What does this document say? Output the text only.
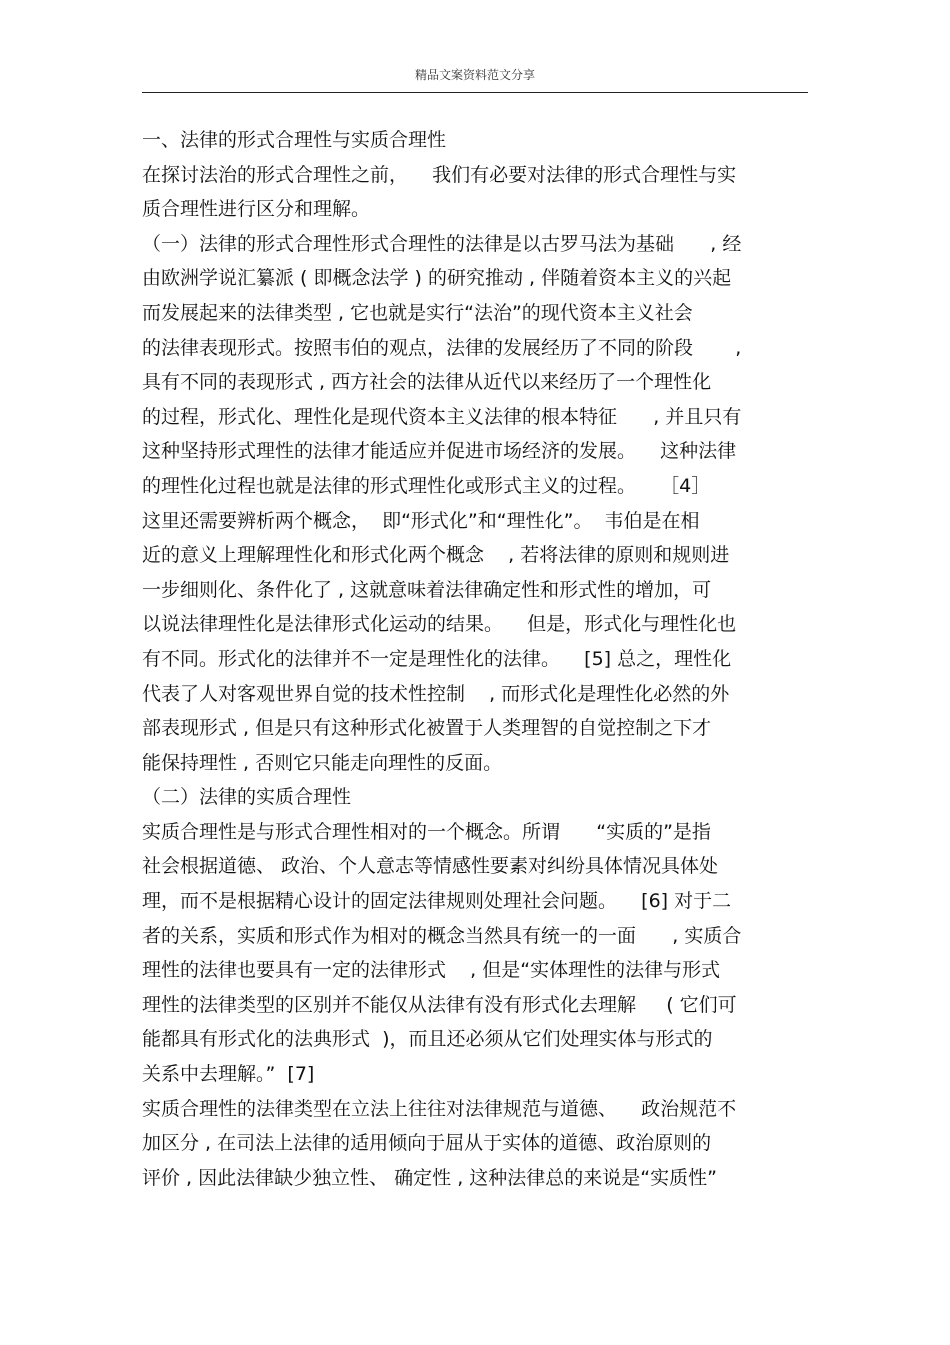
精品文案资料范文分享
一、法律的形式合理性与实质合理性
在探讨法治的形式合理性之前，    我们有必要对法律的形式合理性与实
质合理性进行区分和理解。
（一）法律的形式合理性形式合理性的法律是以古罗马法为基础      , 经
由欧洲学说汇纂派 ( 即概念法学 ) 的研究推动 , 伴随着资本主义的兴起
而发展起来的法律类型 , 它也就是实行“法治”的现代资本主义社会
的法律表现形式。按照韦伯的观点，法律的发展经历了不同的阶段       ,
具有不同的表现形式 , 西方社会的法律从近代以来经历了一个理性化
的过程，形式化、理性化是现代资本主义法律的根本特征      , 并且只有
这种坚持形式理性的法律才能适应并促进市场经济的发展。    这种法律
的理性化过程也就是法律的形式理性化或形式主义的过程。    ［4］
这里还需要辨析两个概念，  即“形式化”和“理性化”。  韦伯是在相
近的意义上理解理性化和形式化两个概念    , 若将法律的原则和规则进
一步细则化、条件化了 , 这就意味着法律确定性和形式性的增加，可
以说法律理性化是法律形式化运动的结果。    但是，形式化与理性化也
有不同。形式化的法律并不一定是理性化的法律。    [5] 总之，理性化
代表了人对客观世界自觉的技术性控制    , 而形式化是理性化必然的外
部表现形式 , 但是只有这种形式化被置于人类理智的自觉控制之下才
能保持理性 , 否则它只能走向理性的反面。
（二）法律的实质合理性
实质合理性是与形式合理性相对的一个概念。所谓      “实质的”是指
社会根据道德、 政治、个人意志等情感性要素对纠纷具体情况具体处
理，而不是根据精心设计的固定法律规则处理社会问题。    [6] 对于二
者的关系，实质和形式作为相对的概念当然具有统一的一面      , 实质合
理性的法律也要具有一定的法律形式    , 但是“实体理性的法律与形式
理性的法律类型的区别并不能仅从法律有没有形式化去理解     ( 它们可
能都具有形式化的法典形式  )，而且还必须从它们处理实体与形式的
关系中去理解。”  [7]
实质合理性的法律类型在立法上往往对法律规范与道德、    政治规范不
加区分 , 在司法上法律的适用倾向于屈从于实体的道德、政治原则的
评价 , 因此法律缺少独立性、 确定性 , 这种法律总的来说是“实质性”
